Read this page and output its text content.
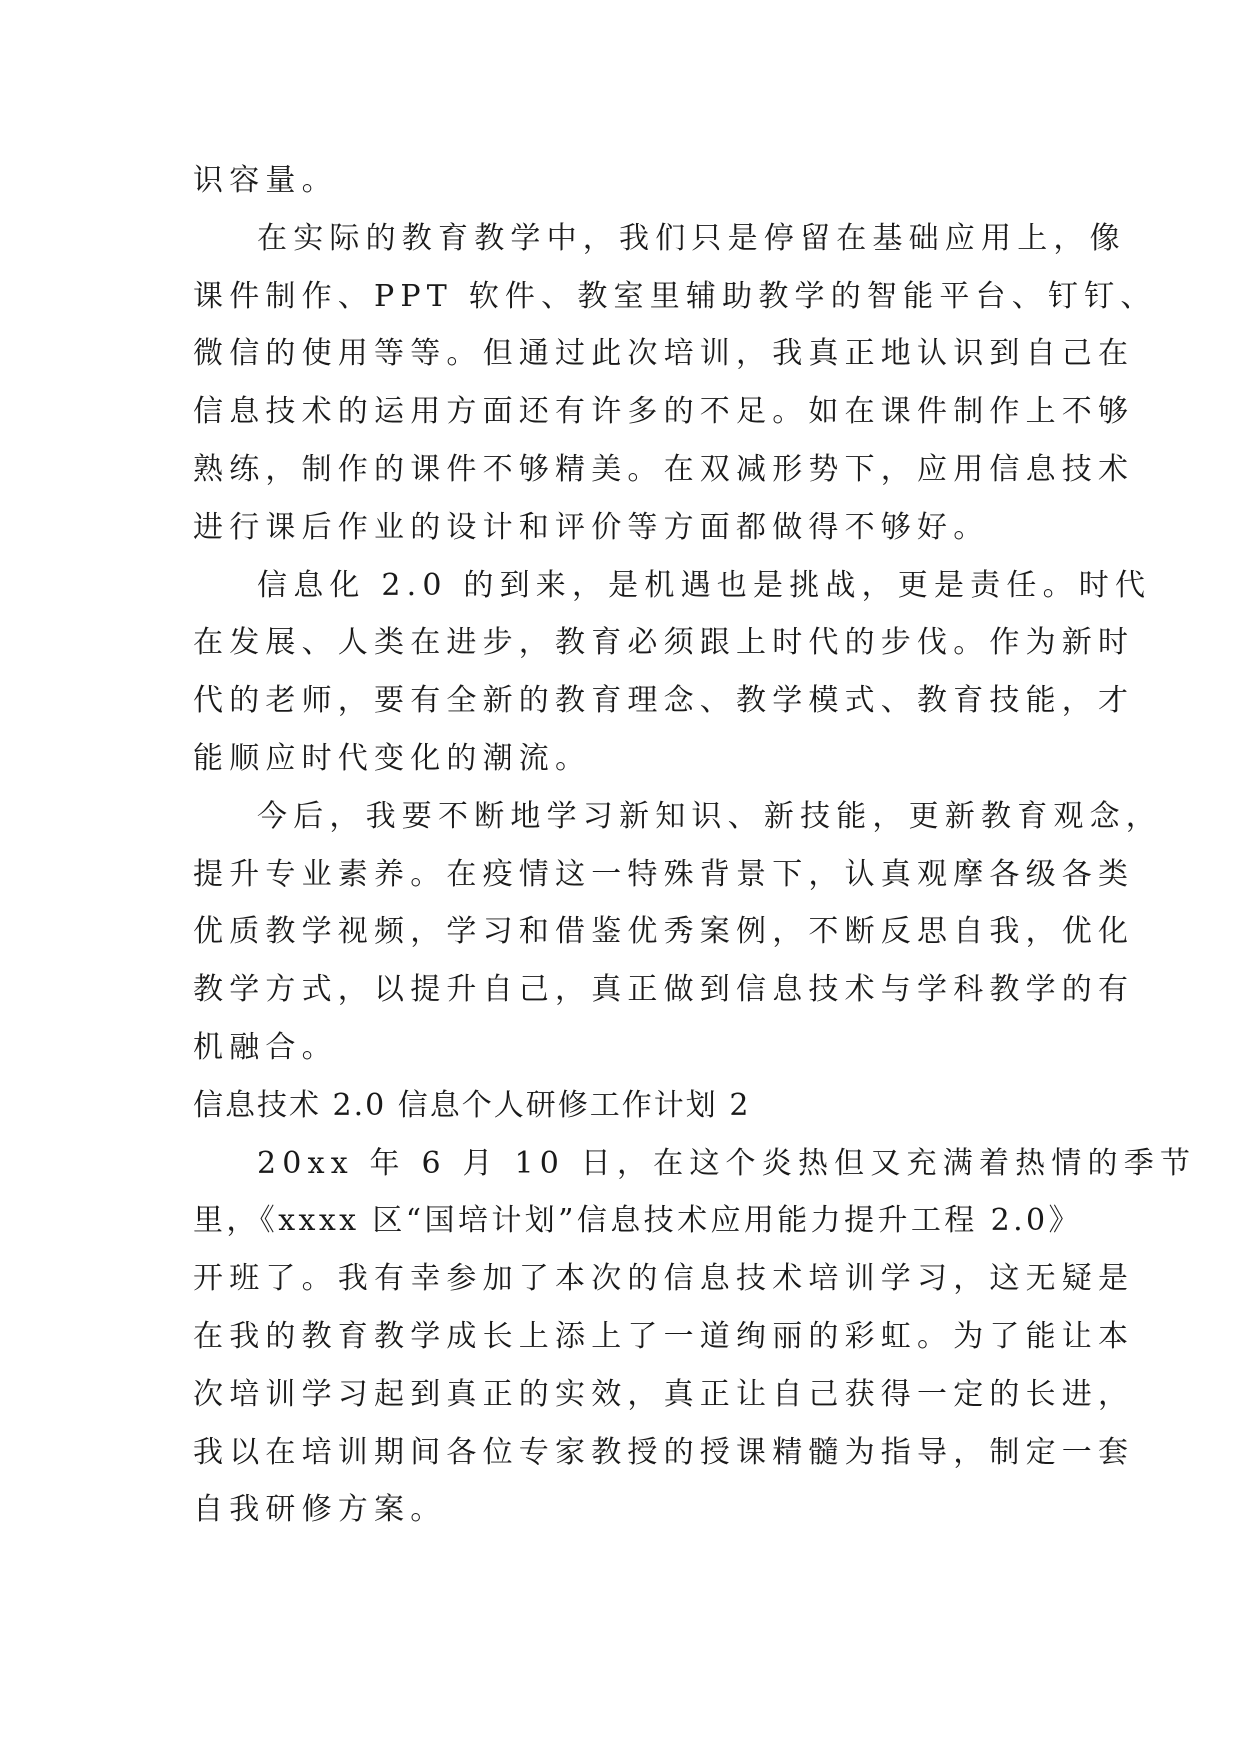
识容量。

在实际的教育教学中，我们只是停留在基础应用上，像

课件制作、PPT 软件、教室里辅助教学的智能平台、钉钉、

微信的使用等等。但通过此次培训，我真正地认识到自己在

信息技术的运用方面还有许多的不足。如在课件制作上不够

熟练，制作的课件不够精美。在双减形势下，应用信息技术

进行课后作业的设计和评价等方面都做得不够好。

信息化 2.0 的到来，是机遇也是挑战，更是责任。时代

在发展、人类在进步，教育必须跟上时代的步伐。作为新时

代的老师，要有全新的教育理念、教学模式、教育技能，才

能顺应时代变化的潮流。

今后，我要不断地学习新知识、新技能，更新教育观念，

提升专业素养。在疫情这一特殊背景下，认真观摩各级各类

优质教学视频，学习和借鉴优秀案例，不断反思自我，优化

教学方式，以提升自己，真正做到信息技术与学科教学的有

机融合。

信息技术 2.0 信息个人研修工作计划 2

20xx 年 6 月 10 日，在这个炎热但又充满着热情的季节

里，《xxxx 区“国培计划”信息技术应用能力提升工程 2.0》

开班了。我有幸参加了本次的信息技术培训学习，这无疑是

在我的教育教学成长上添上了一道绚丽的彩虹。为了能让本

次培训学习起到真正的实效，真正让自己获得一定的长进，

我以在培训期间各位专家教授的授课精髓为指导，制定一套

自我研修方案。
